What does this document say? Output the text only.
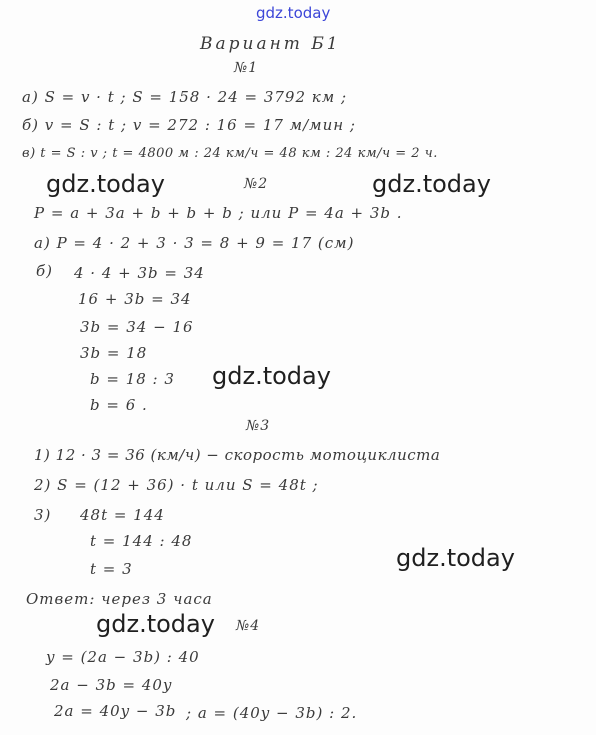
gdz.today
Вариант Б1
№1
а) S = v · t ; S = 158 · 24 = 3792 км ;
б) v = S : t ; v = 272 : 16 = 17 м/мин ;
в) t = S : v ; t = 4800 м : 24 км/ч = 48 км : 24 км/ч = 2 ч.
gdz.today	№2	gdz.today
P = a + 3a + b + b + b ; или P = 4a + 3b .
а) P = 4 · 2 + 3 · 3 = 8 + 9 = 17 (см)
б) 4 · 4 + 3b = 34
16 + 3b = 34
3b = 34 − 16
3b = 18
b = 18 : 3
b = 6 .
gdz.today
№3
1) 12 · 3 = 36 (км/ч) − скорость мотоциклиста
2) S = (12 + 36) · t или S = 48t ;
3) 48t = 144
t = 144 : 48
t = 3	gdz.today
Ответ: через 3 часа
gdz.today №4
y = (2a − 3b) : 40
2a − 3b = 40y
2a = 40y − 3b ; a = (40y − 3b) : 2.
